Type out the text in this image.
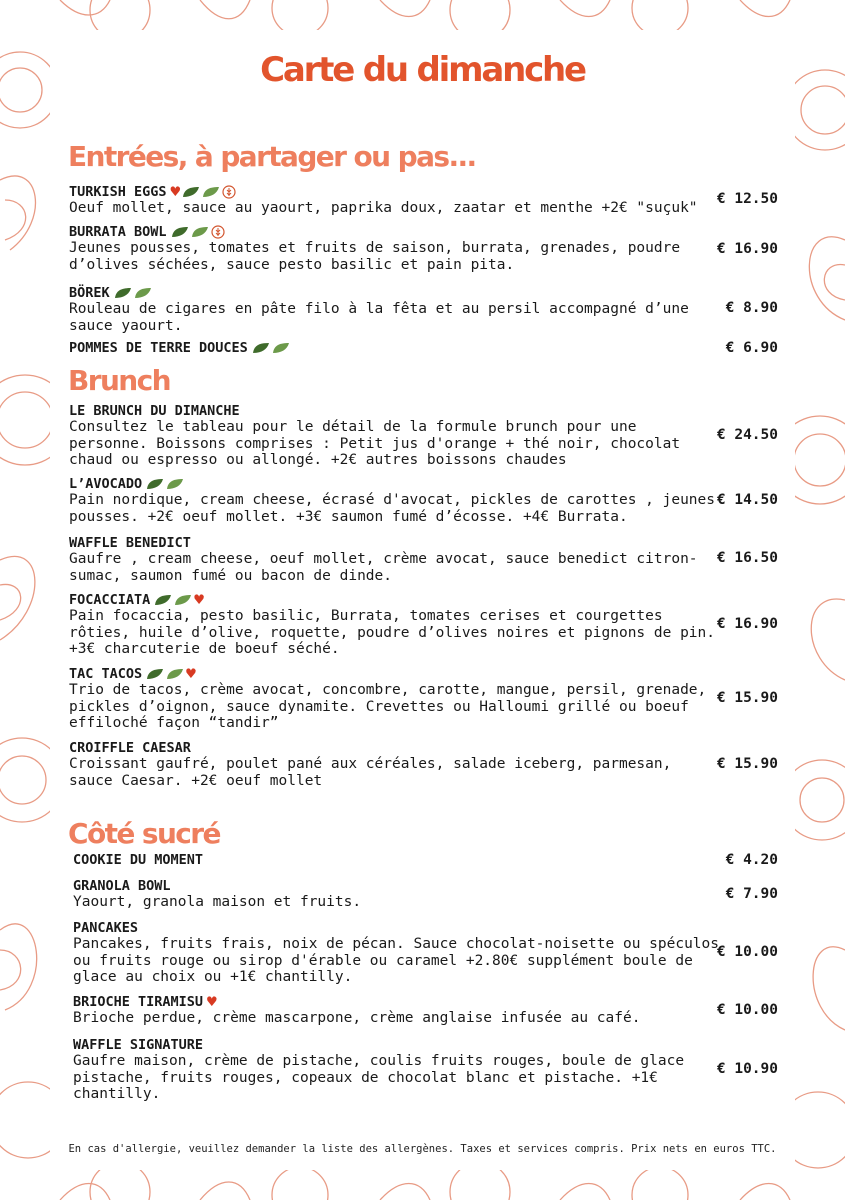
Carte du dimanche
Entrées, à partager ou pas...
TURKISH EGGS ♥
Oeuf mollet, sauce au yaourt, paprika doux, zaatar et menthe +2€ "suçuk"
€ 12.50
BURRATA BOWL
Jeunes pousses, tomates et fruits de saison, burrata, grenades, poudre d’olives séchées, sauce pesto basilic et pain pita.
€ 16.90
BÖREK
Rouleau de cigares en pâte filo à la fêta et au persil accompagné d’une sauce yaourt.
€ 8.90
POMMES DE TERRE DOUCES	€ 6.90
Brunch
LE BRUNCH DU DIMANCHE
Consultez le tableau pour le détail de la formule brunch pour une personne. Boissons comprises : Petit jus d'orange + thé noir, chocolat chaud ou espresso ou allongé. +2€ autres boissons chaudes
€ 24.50
L’AVOCADO
Pain nordique, cream cheese, écrasé d'avocat, pickles de carottes , jeunes pousses. +2€ oeuf mollet. +3€ saumon fumé d’écosse. +4€ Burrata.
€ 14.50
WAFFLE BENEDICT
Gaufre , cream cheese, oeuf mollet, crème avocat, sauce benedict citron-sumac, saumon fumé ou bacon de dinde.
€ 16.50
FOCACCIATA	♥
Pain focaccia, pesto basilic, Burrata, tomates cerises et courgettes rôties, huile d’olive, roquette, poudre d’olives noires et pignons de pin. +3€ charcuterie de boeuf séché.
€ 16.90
TAC TACOS	♥
Trio de tacos, crème avocat, concombre, carotte, mangue, persil, grenade, pickles d’oignon, sauce dynamite. Crevettes ou Halloumi grillé ou boeuf effiloché façon “tandir”
€ 15.90
CROIFFLE CAESAR
Croissant gaufré, poulet pané aux céréales, salade iceberg, parmesan, sauce Caesar. +2€ oeuf mollet
€ 15.90
Côté sucré
COOKIE DU MOMENT	€ 4.20
GRANOLA BOWL
Yaourt, granola maison et fruits.	€ 7.90
PANCAKES
Pancakes, fruits frais, noix de pécan. Sauce chocolat-noisette ou spéculos ou fruits rouge ou sirop d'érable ou caramel +2.80€ supplément boule de glace au choix ou +1€ chantilly.
€ 10.00
BRIOCHE TIRAMISU ♥
Brioche perdue, crème mascarpone, crème anglaise infusée au café.	€ 10.00
WAFFLE SIGNATURE
Gaufre maison, crème de pistache, coulis fruits rouges, boule de glace pistache, fruits rouges, copeaux de chocolat blanc et pistache. +1€ chantilly.
€ 10.90
En cas d'allergie, veuillez demander la liste des allergènes. Taxes et services compris. Prix nets en euros TTC.
